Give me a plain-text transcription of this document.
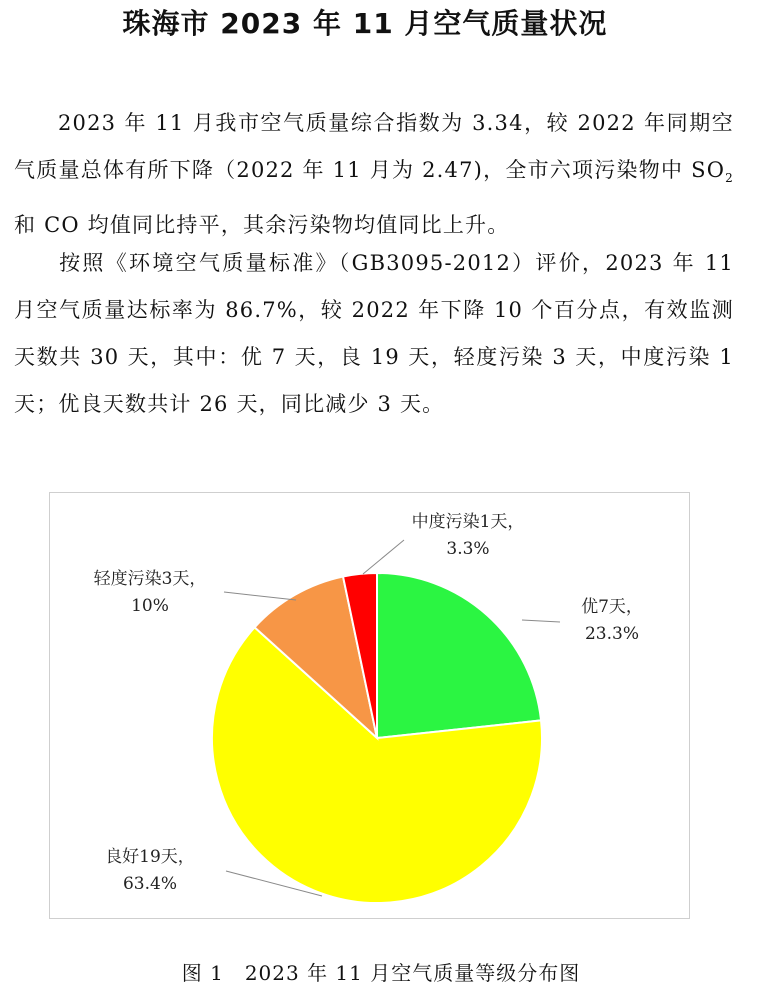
珠海市 2023 年 11 月空气质量状况

2023 年 11 月我市空气质量综合指数为 3.34，较 2022 年同期空气质量总体有所下降（2022 年 11 月为 2.47)，全市六项污染物中 $SO_2$和 CO 均值同比持平，其余污染物均值同比上升。

按照《环境空气质量标准》（GB3095-2012）评价，2023 年 11 月空气质量达标率为 86.7%，较 2022 年下降 10 个百分点，有效监测天数共 30 天，其中：优 7 天，良 19 天，轻度污染 3 天，中度污染 1 天；优良天数共计 26 天，同比减少 3 天。

优7天，
23.3%
良好19天，
63.4%
轻度污染3天，
10%
中度污染1天，
3.3%
图 1　2023 年 11 月空气质量等级分布图
